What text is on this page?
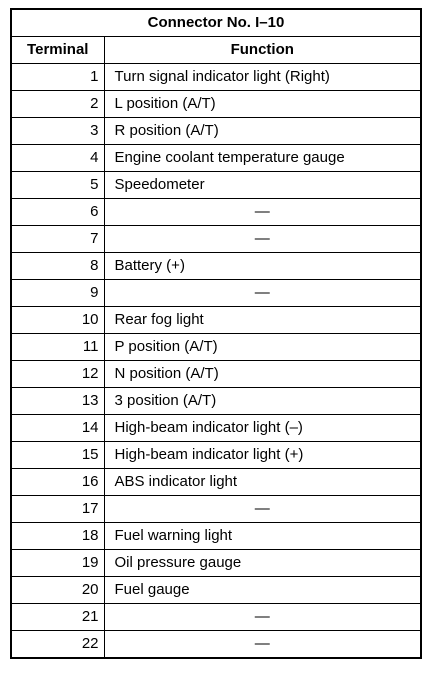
Connector No. I–10	
Terminal	Function
1	Turn signal indicator light (Right)
2	L position (A/T)
3	R position (A/T)
4	Engine coolant temperature gauge
5	Speedometer
6	—
7	—
8	Battery (+)
9	—
10	Rear fog light
11	P position (A/T)
12	N position (A/T)
13	3 position (A/T)
14	High-beam indicator light (–)
15	High-beam indicator light (+)
16	ABS indicator light
17	—
18	Fuel warning light
19	Oil pressure gauge
20	Fuel gauge
21	—
22	—
